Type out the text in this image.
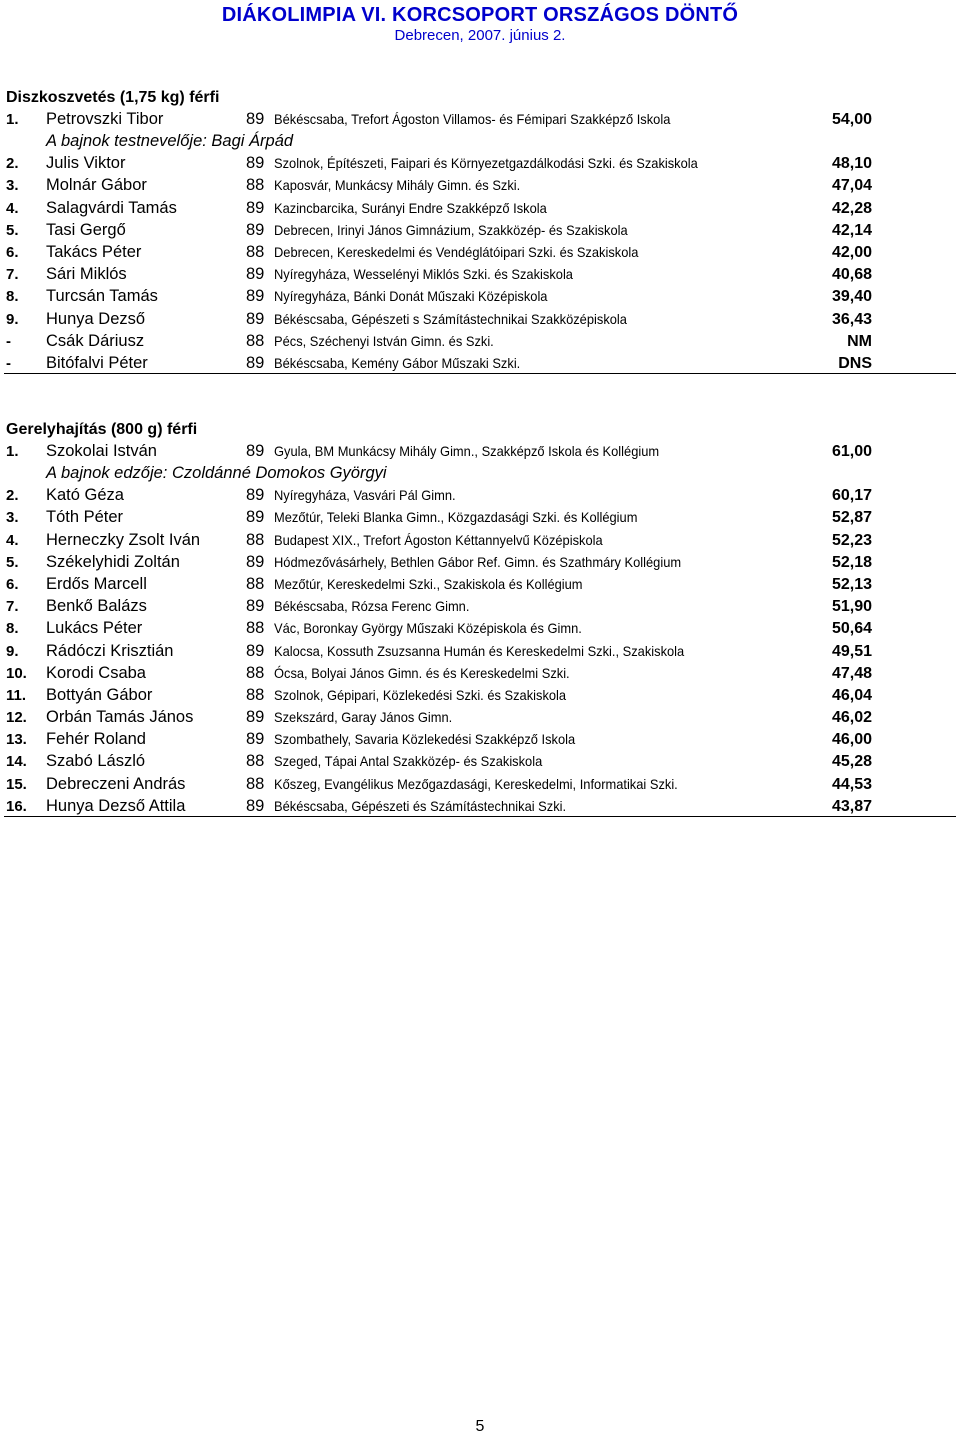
DIÁKOLIMPIA VI. KORCSOPORT ORSZÁGOS DÖNTŐ
Debrecen, 2007. június 2.
Diszkoszvetés (1,75 kg) férfi
1. Petrovszki Tibor	89 Békéscsaba, Trefort Ágoston Villamos- és Fémipari Szakképző Iskola	54,00
A bajnok testnevelője: Bagi Árpád
2. Julis Viktor	89 Szolnok, Építészeti, Faipari és Környezetgazdálkodási Szki. és Szakiskola	48,10
3. Molnár Gábor	88 Kaposvár, Munkácsy Mihály Gimn. és Szki.	47,04
4. Salagvárdi Tamás	89 Kazincbarcika, Surányi Endre Szakképző Iskola	42,28
5. Tasi Gergő	89 Debrecen, Irinyi János Gimnázium, Szakközép- és Szakiskola	42,14
6. Takács Péter	88 Debrecen, Kereskedelmi és Vendéglátóipari Szki. és Szakiskola	42,00
7. Sári Miklós	89 Nyíregyháza, Wesselényi Miklós Szki. és Szakiskola	40,68
8. Turcsán Tamás	89 Nyíregyháza, Bánki Donát Műszaki Középiskola	39,40
9. Hunya Dezső	89 Békéscsaba, Gépészeti s Számítástechnikai Szakközépiskola	36,43
- Csák Dáriusz	88 Pécs, Széchenyi István Gimn. és Szki.	NM
- Bitófalvi Péter	89 Békéscsaba, Kemény Gábor Műszaki Szki.	DNS
Gerelyhajítás (800 g) férfi
1. Szokolai István	89 Gyula, BM Munkácsy Mihály Gimn., Szakképző Iskola és Kollégium	61,00
A bajnok edzője: Czoldánné Domokos Györgyi
2. Kató Géza	89 Nyíregyháza, Vasvári Pál Gimn.	60,17
3. Tóth Péter	89 Mezőtúr, Teleki Blanka Gimn., Közgazdasági Szki. és Kollégium	52,87
4. Herneczky Zsolt Iván	88 Budapest XIX., Trefort Ágoston Kéttannyelvű Középiskola	52,23
5. Székelyhidi Zoltán	89 Hódmezővásárhely, Bethlen Gábor Ref. Gimn. és Szathmáry Kollégium	52,18
6. Erdős Marcell	88 Mezőtúr, Kereskedelmi Szki., Szakiskola és Kollégium	52,13
7. Benkő Balázs	89 Békéscsaba, Rózsa Ferenc Gimn.	51,90
8. Lukács Péter	88 Vác, Boronkay György Műszaki Középiskola és Gimn.	50,64
9. Rádóczi Krisztián	89 Kalocsa, Kossuth Zsuzsanna Humán és Kereskedelmi Szki., Szakiskola	49,51
10. Korodi Csaba	88 Ócsa, Bolyai János Gimn. és és Kereskedelmi Szki.	47,48
11. Bottyán Gábor	88 Szolnok, Gépipari, Közlekedési Szki. és Szakiskola	46,04
12. Orbán Tamás János	89 Szekszárd, Garay János Gimn.	46,02
13. Fehér Roland	89 Szombathely, Savaria Közlekedési Szakképző Iskola	46,00
14. Szabó László	88 Szeged, Tápai Antal Szakközép- és Szakiskola	45,28
15. Debreczeni András	88 Kőszeg, Evangélikus Mezőgazdasági, Kereskedelmi, Informatikai Szki.	44,53
16. Hunya Dezső Attila	89 Békéscsaba, Gépészeti és Számítástechnikai Szki.	43,87
5
